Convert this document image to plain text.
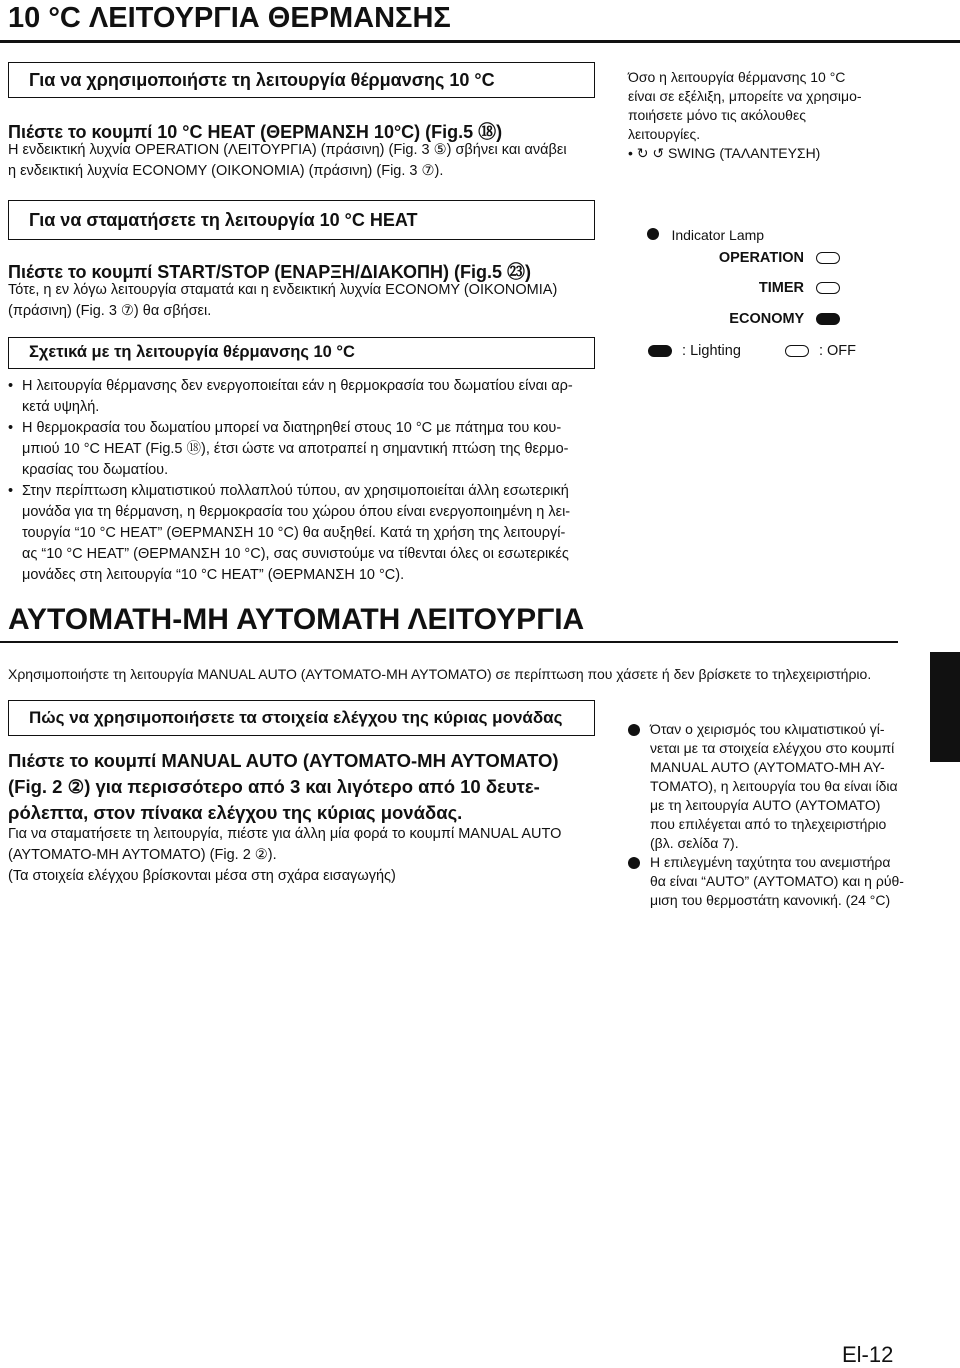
10 °C ΛΕΙΤΟΥΡΓΙΑ ΘΕΡΜΑΝΣΗΣ
Για να χρησιμοποιήστε τη λειτουργία θέρμανσης 10 °C
Πιέστε το κουμπί 10 °C HEAT (ΘΕΡΜΑΝΣΗ 10°C) (Fig.5 ⑱)
Η ενδεικτική λυχνία OPERATION (ΛΕΙΤΟΥΡΓΙΑ) (πράσινη) (Fig. 3 ⑤) σβήνει και ανάβει
η ενδεικτική λυχνία ECONOMY (OIKONOMIA) (πράσινη) (Fig. 3 ⑦).
Όσο η λειτουργία θέρμανσης 10 °C
είναι σε εξέλιξη, μπορείτε να χρησιμο-
ποιήσετε μόνο τις ακόλουθες
λειτουργίες.
• ↻ ↺ SWING (ΤΑΛΑΝΤΕΥΣΗ)
Για να σταματήσετε τη λειτουργία 10 °C HEAT
Πιέστε το κουμπί START/STOP (ΕΝΑΡΞΗ/ΔΙΑΚΟΠΗ) (Fig.5 ㉓)
Τότε, η εν λόγω λειτουργία σταματά και η ενδεικτική λυχνία ECONOMY (OIKONOMIA)
(πράσινη) (Fig. 3 ⑦) θα σβήσει.
Indicator Lamp
OPERATION
TIMER
ECONOMY
: Lighting	: OFF
Σχετικά με τη λειτουργία θέρμανσης 10 °C
• Η λειτουργία θέρμανσης δεν ενεργοποιείται εάν η θερμοκρασία του δωματίου είναι αρ-
κετά υψηλή.
• Η θερμοκρασία του δωματίου μπορεί να διατηρηθεί στους 10 °C με πάτημα του κου-
μπιού 10 °C HEAT (Fig.5 ⑱), έτσι ώστε να αποτραπεί η σημαντική πτώση της θερμο-
κρασίας του δωματίου.
• Στην περίπτωση κλιματιστικού πολλαπλού τύπου, αν χρησιμοποιείται άλλη εσωτερική
μονάδα για τη θέρμανση, η θερμοκρασία του χώρου όπου είναι ενεργοποιημένη η λει-
τουργία “10 °C HEAT” (ΘΕΡΜΑΝΣΗ 10 °C) θα αυξηθεί. Κατά τη χρήση της λειτουργί-
ας “10 °C HEAT” (ΘΕΡΜΑΝΣΗ 10 °C), σας συνιστούμε να τίθενται όλες οι εσωτερικές
μονάδες στη λειτουργία “10 °C HEAT” (ΘΕΡΜΑΝΣΗ 10 °C).
ΑΥΤΟΜΑΤΗ-ΜΗ ΑΥΤΟΜΑΤΗ ΛΕΙΤΟΥΡΓΙΑ
Χρησιμοποιήστε τη λειτουργία MANUAL AUTO (ΑΥΤΟΜΑΤΟ-ΜΗ ΑΥΤΟΜΑΤΟ) σε περίπτωση που χάσετε ή δεν βρίσκετε το τηλεχειριστήριο.
Πώς να χρησιμοποιήσετε τα στοιχεία ελέγχου της κύριας μονάδας
Πιέστε το κουμπί MANUAL AUTO (ΑΥΤΟΜΑΤΟ-ΜΗ ΑΥΤΟΜΑΤΟ)
(Fig. 2 ②) για περισσότερο από 3 και λιγότερο από 10 δευτε-
ρόλεπτα, στον πίνακα ελέγχου της κύριας μονάδας.
Για να σταματήσετε τη λειτουργία, πιέστε για άλλη μία φορά το κουμπί MANUAL AUTO
(ΑΥΤΟΜΑΤΟ-ΜΗ ΑΥΤΟΜΑΤΟ) (Fig. 2 ②).
(Τα στοιχεία ελέγχου βρίσκονται μέσα στη σχάρα εισαγωγής)
Όταν ο χειρισμός του κλιματιστικού γί-
νεται με τα στοιχεία ελέγχου στο κουμπί
MANUAL AUTO (ΑΥΤΟΜΑΤΟ-ΜΗ ΑΥ-
ΤΟΜΑΤΟ), η λειτουργία του θα είναι ίδια
με τη λειτουργία AUTO (ΑΥΤΟΜΑΤΟ)
που επιλέγεται από το τηλεχειριστήριο
(βλ. σελίδα 7).
Η επιλεγμένη ταχύτητα του ανεμιστήρα
θα είναι “AUTO” (ΑΥΤΟΜΑΤΟ) και η ρύθ-
μιση του θερμοστάτη κανονική. (24 °C)
El-12
